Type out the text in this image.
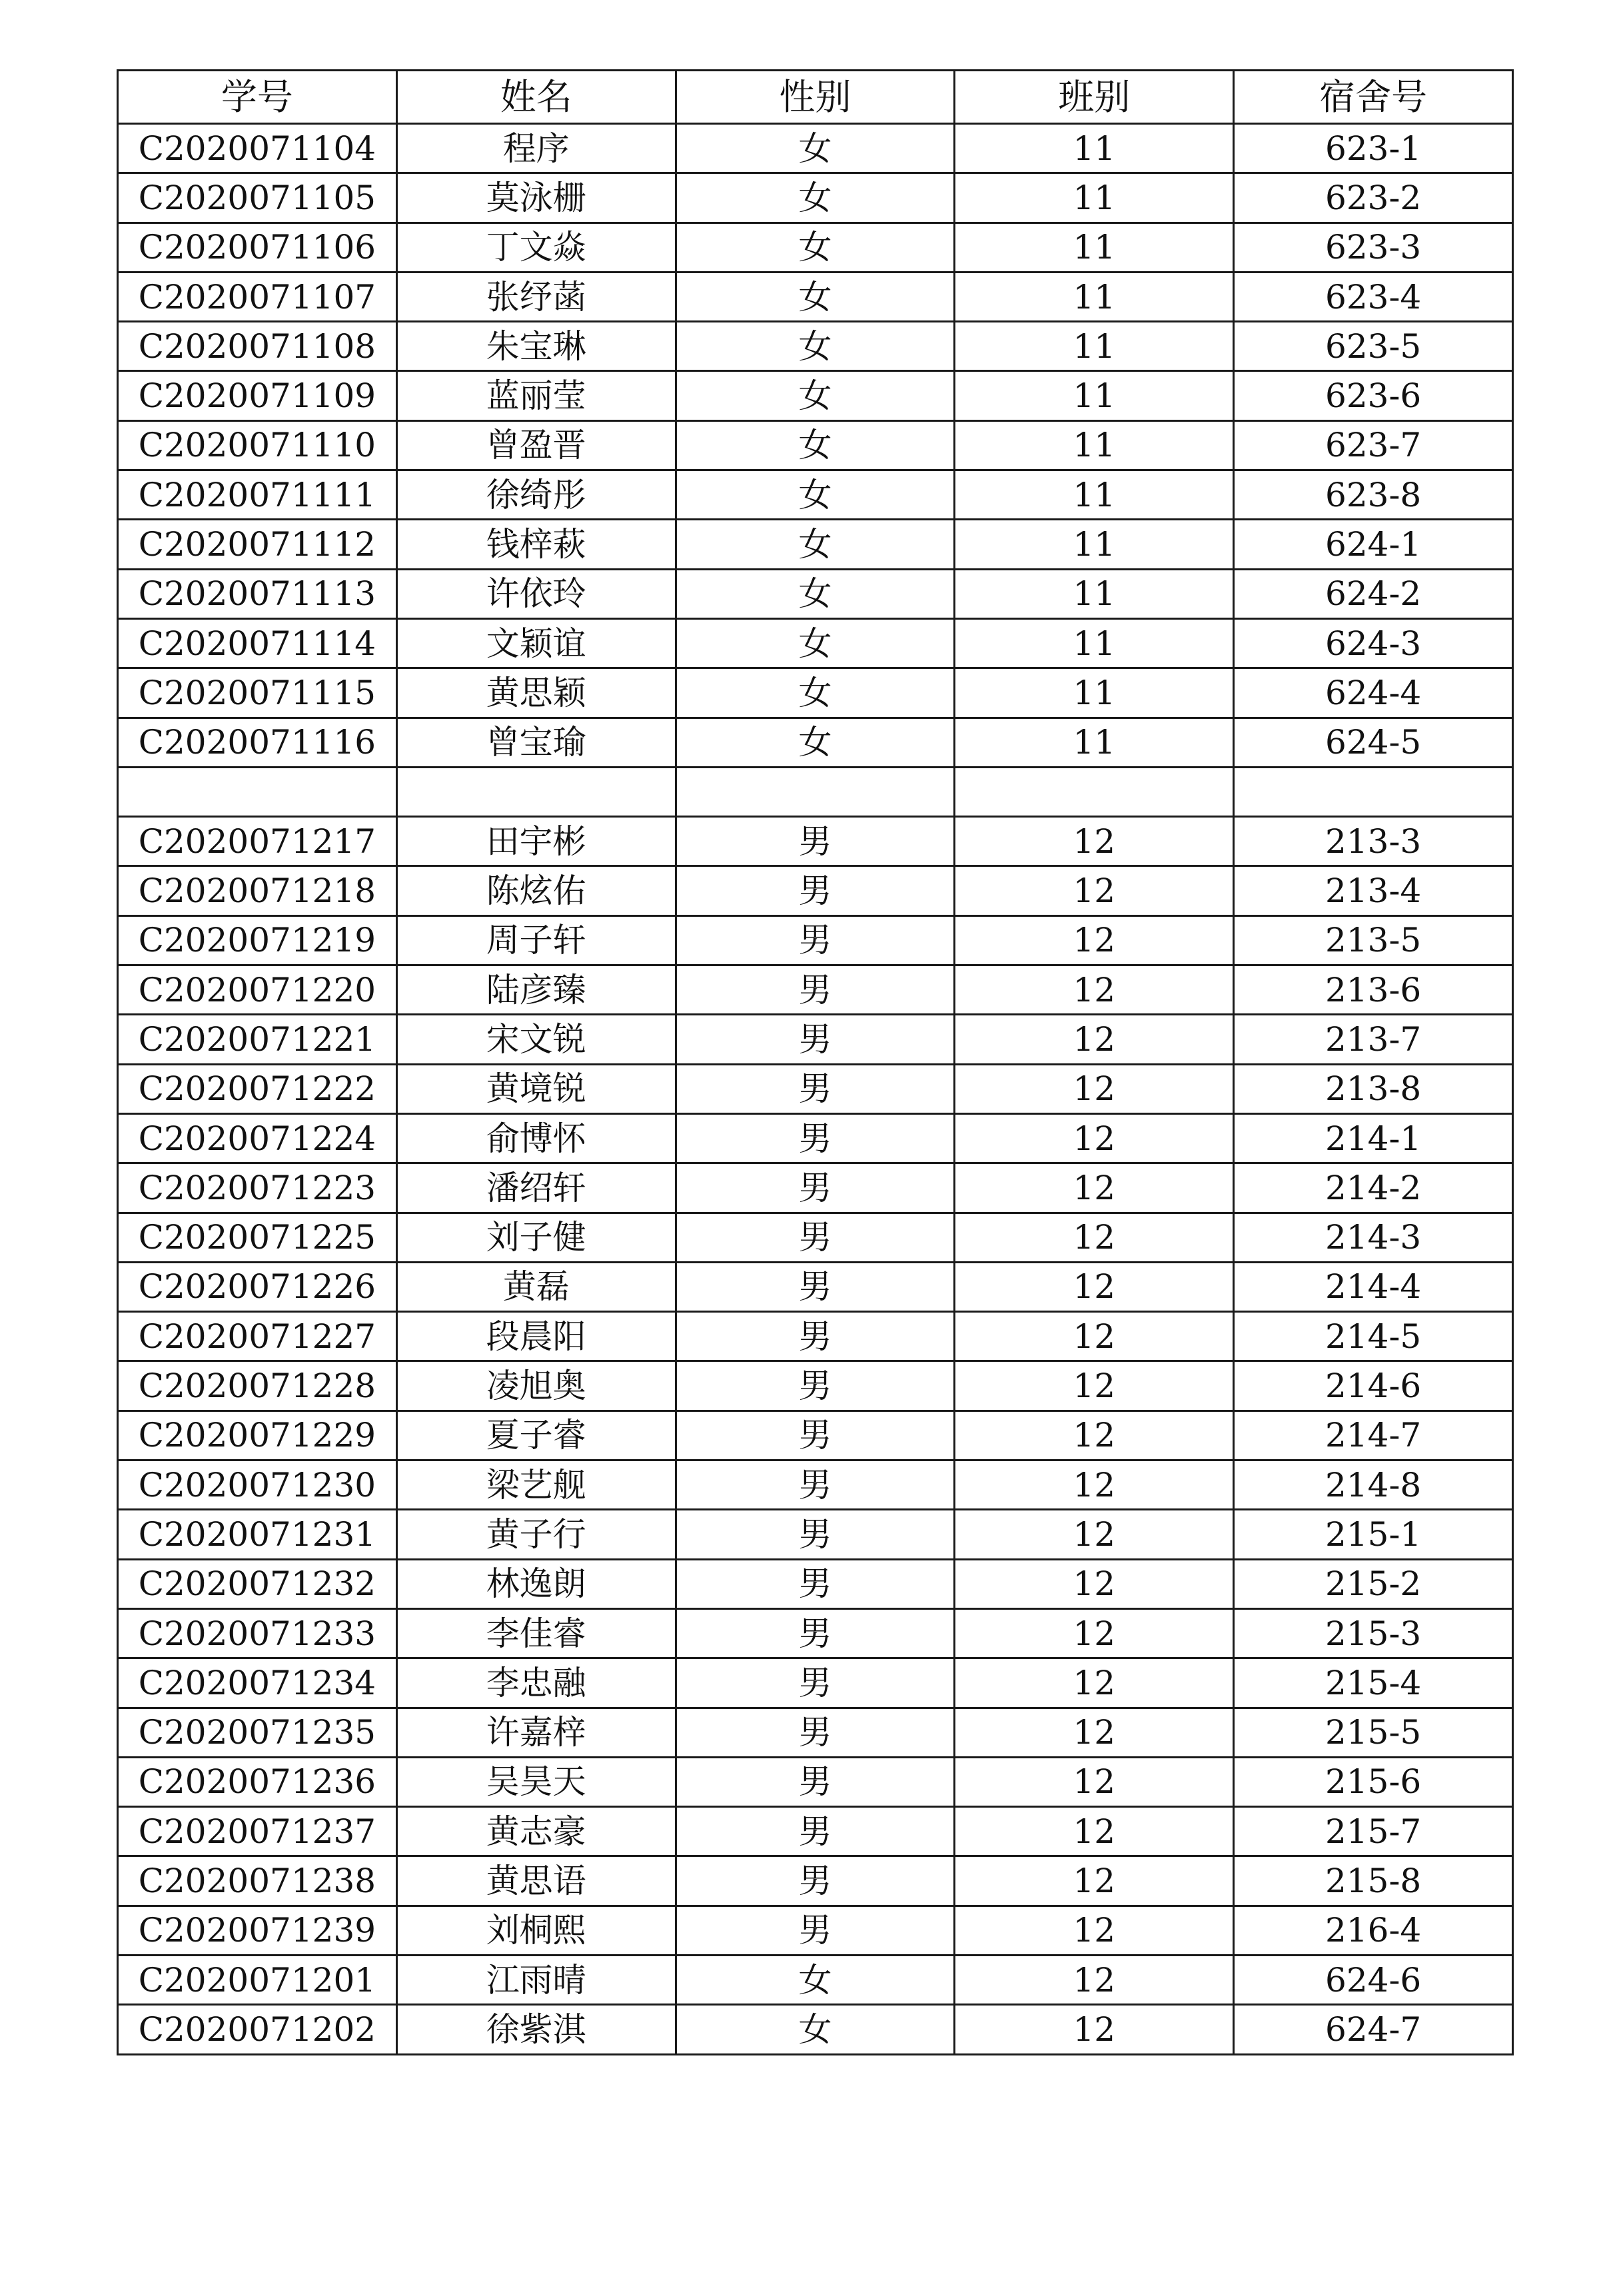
学号	姓名	性别	班别	宿舍号
C2020071104	程序	女	11	623-1
C2020071105	莫泳栅	女	11	623-2
C2020071106	丁文焱	女	11	623-3
C2020071107	张纾菡	女	11	623-4
C2020071108	朱宝琳	女	11	623-5
C2020071109	蓝丽莹	女	11	623-6
C2020071110	曾盈晋	女	11	623-7
C2020071111	徐绮彤	女	11	623-8
C2020071112	钱梓萩	女	11	624-1
C2020071113	许依玲	女	11	624-2
C2020071114	文颖谊	女	11	624-3
C2020071115	黄思颖	女	11	624-4
C2020071116	曾宝瑜	女	11	624-5

C2020071217	田宇彬	男	12	213-3
C2020071218	陈炫佑	男	12	213-4
C2020071219	周子轩	男	12	213-5
C2020071220	陆彦臻	男	12	213-6
C2020071221	宋文锐	男	12	213-7
C2020071222	黄境锐	男	12	213-8
C2020071224	俞博怀	男	12	214-1
C2020071223	潘绍轩	男	12	214-2
C2020071225	刘子健	男	12	214-3
C2020071226	黄磊	男	12	214-4
C2020071227	段晨阳	男	12	214-5
C2020071228	凌旭奥	男	12	214-6
C2020071229	夏子睿	男	12	214-7
C2020071230	梁艺舰	男	12	214-8
C2020071231	黄子行	男	12	215-1
C2020071232	林逸朗	男	12	215-2
C2020071233	李佳睿	男	12	215-3
C2020071234	李忠融	男	12	215-4
C2020071235	许嘉梓	男	12	215-5
C2020071236	吴昊天	男	12	215-6
C2020071237	黄志豪	男	12	215-7
C2020071238	黄思语	男	12	215-8
C2020071239	刘桐熙	男	12	216-4
C2020071201	江雨晴	女	12	624-6
C2020071202	徐紫淇	女	12	624-7
